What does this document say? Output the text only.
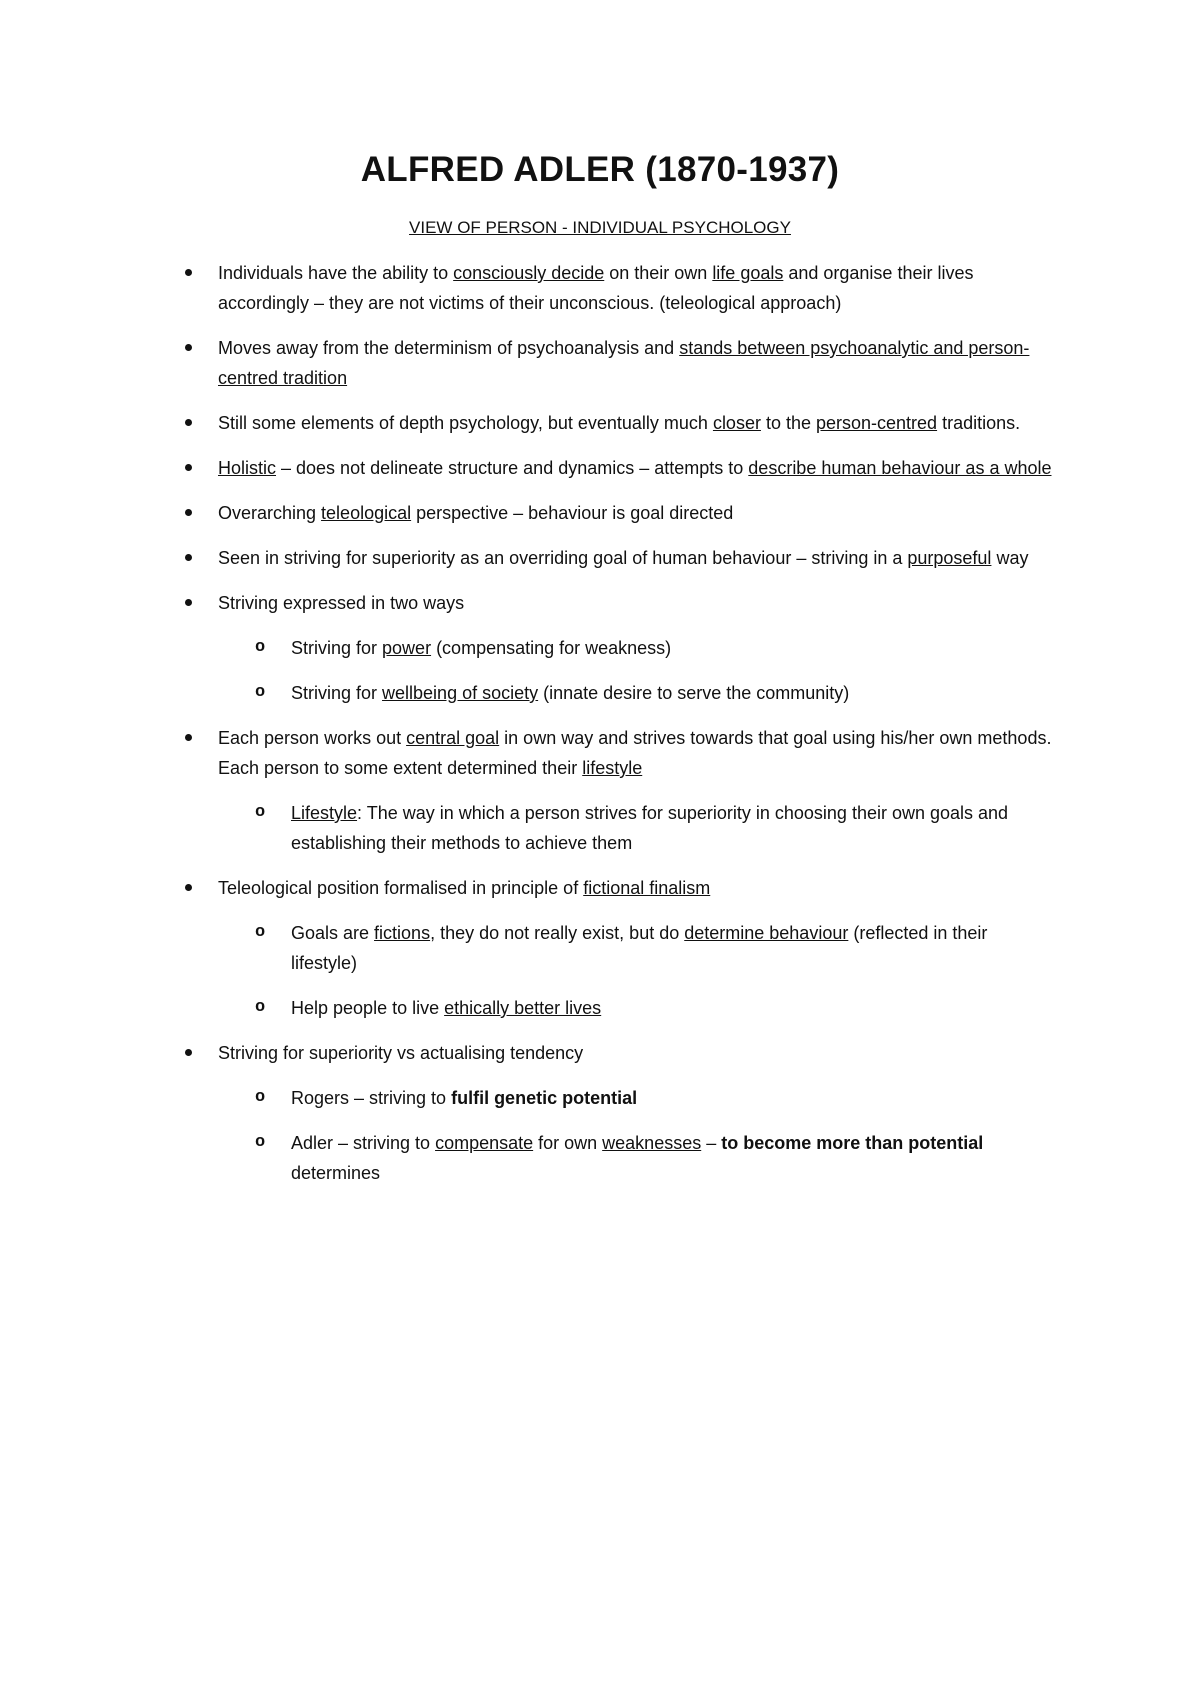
ALFRED ADLER (1870-1937)

VIEW OF PERSON - INDIVIDUAL PSYCHOLOGY

Individuals have the ability to consciously decide on their own life goals and organise their lives accordingly – they are not victims of their unconscious. (teleological approach)
Moves away from the determinism of psychoanalysis and stands between psychoanalytic and person-centred tradition
Still some elements of depth psychology, but eventually much closer to the person-centred traditions.
Holistic – does not delineate structure and dynamics – attempts to describe human behaviour as a whole
Overarching teleological perspective – behaviour is goal directed
Seen in striving for superiority as an overriding goal of human behaviour – striving in a purposeful way
Striving expressed in two ways
o Striving for power (compensating for weakness)
o Striving for wellbeing of society (innate desire to serve the community)
Each person works out central goal in own way and strives towards that goal using his/her own methods. Each person to some extent determined their lifestyle
o Lifestyle: The way in which a person strives for superiority in choosing their own goals and establishing their methods to achieve them
Teleological position formalised in principle of fictional finalism
o Goals are fictions, they do not really exist, but do determine behaviour (reflected in their lifestyle)
o Help people to live ethically better lives
Striving for superiority vs actualising tendency
o Rogers – striving to fulfil genetic potential
o Adler – striving to compensate for own weaknesses – to become more than potential determines
